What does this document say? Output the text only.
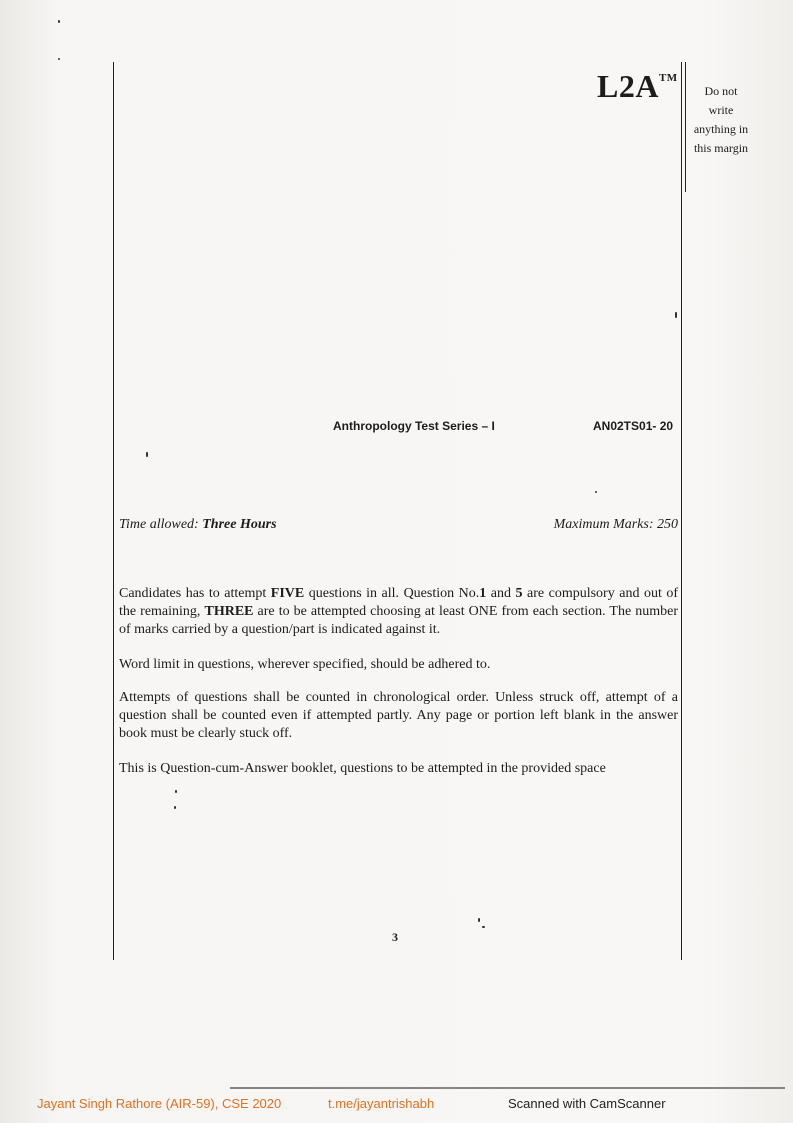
L2A™
Do not
write
anything in
this margin
Anthropology Test Series – I	AN02TS01- 20
Time allowed: Three Hours	Maximum Marks: 250

Candidates has to attempt FIVE questions in all. Question No.1 and 5 are compulsory and out of the remaining, THREE are to be attempted choosing at least ONE from each section. The number of marks carried by a question/part is indicated against it.

Word limit in questions, wherever specified, should be adhered to.

Attempts of questions shall be counted in chronological order. Unless struck off, attempt of a question shall be counted even if attempted partly. Any page or portion left blank in the answer book must be clearly stuck off.

This is Question-cum-Answer booklet, questions to be attempted in the provided space

3
Jayant Singh Rathore (AIR-59), CSE 2020	t.me/jayantrishabh	Scanned with CamScanner
